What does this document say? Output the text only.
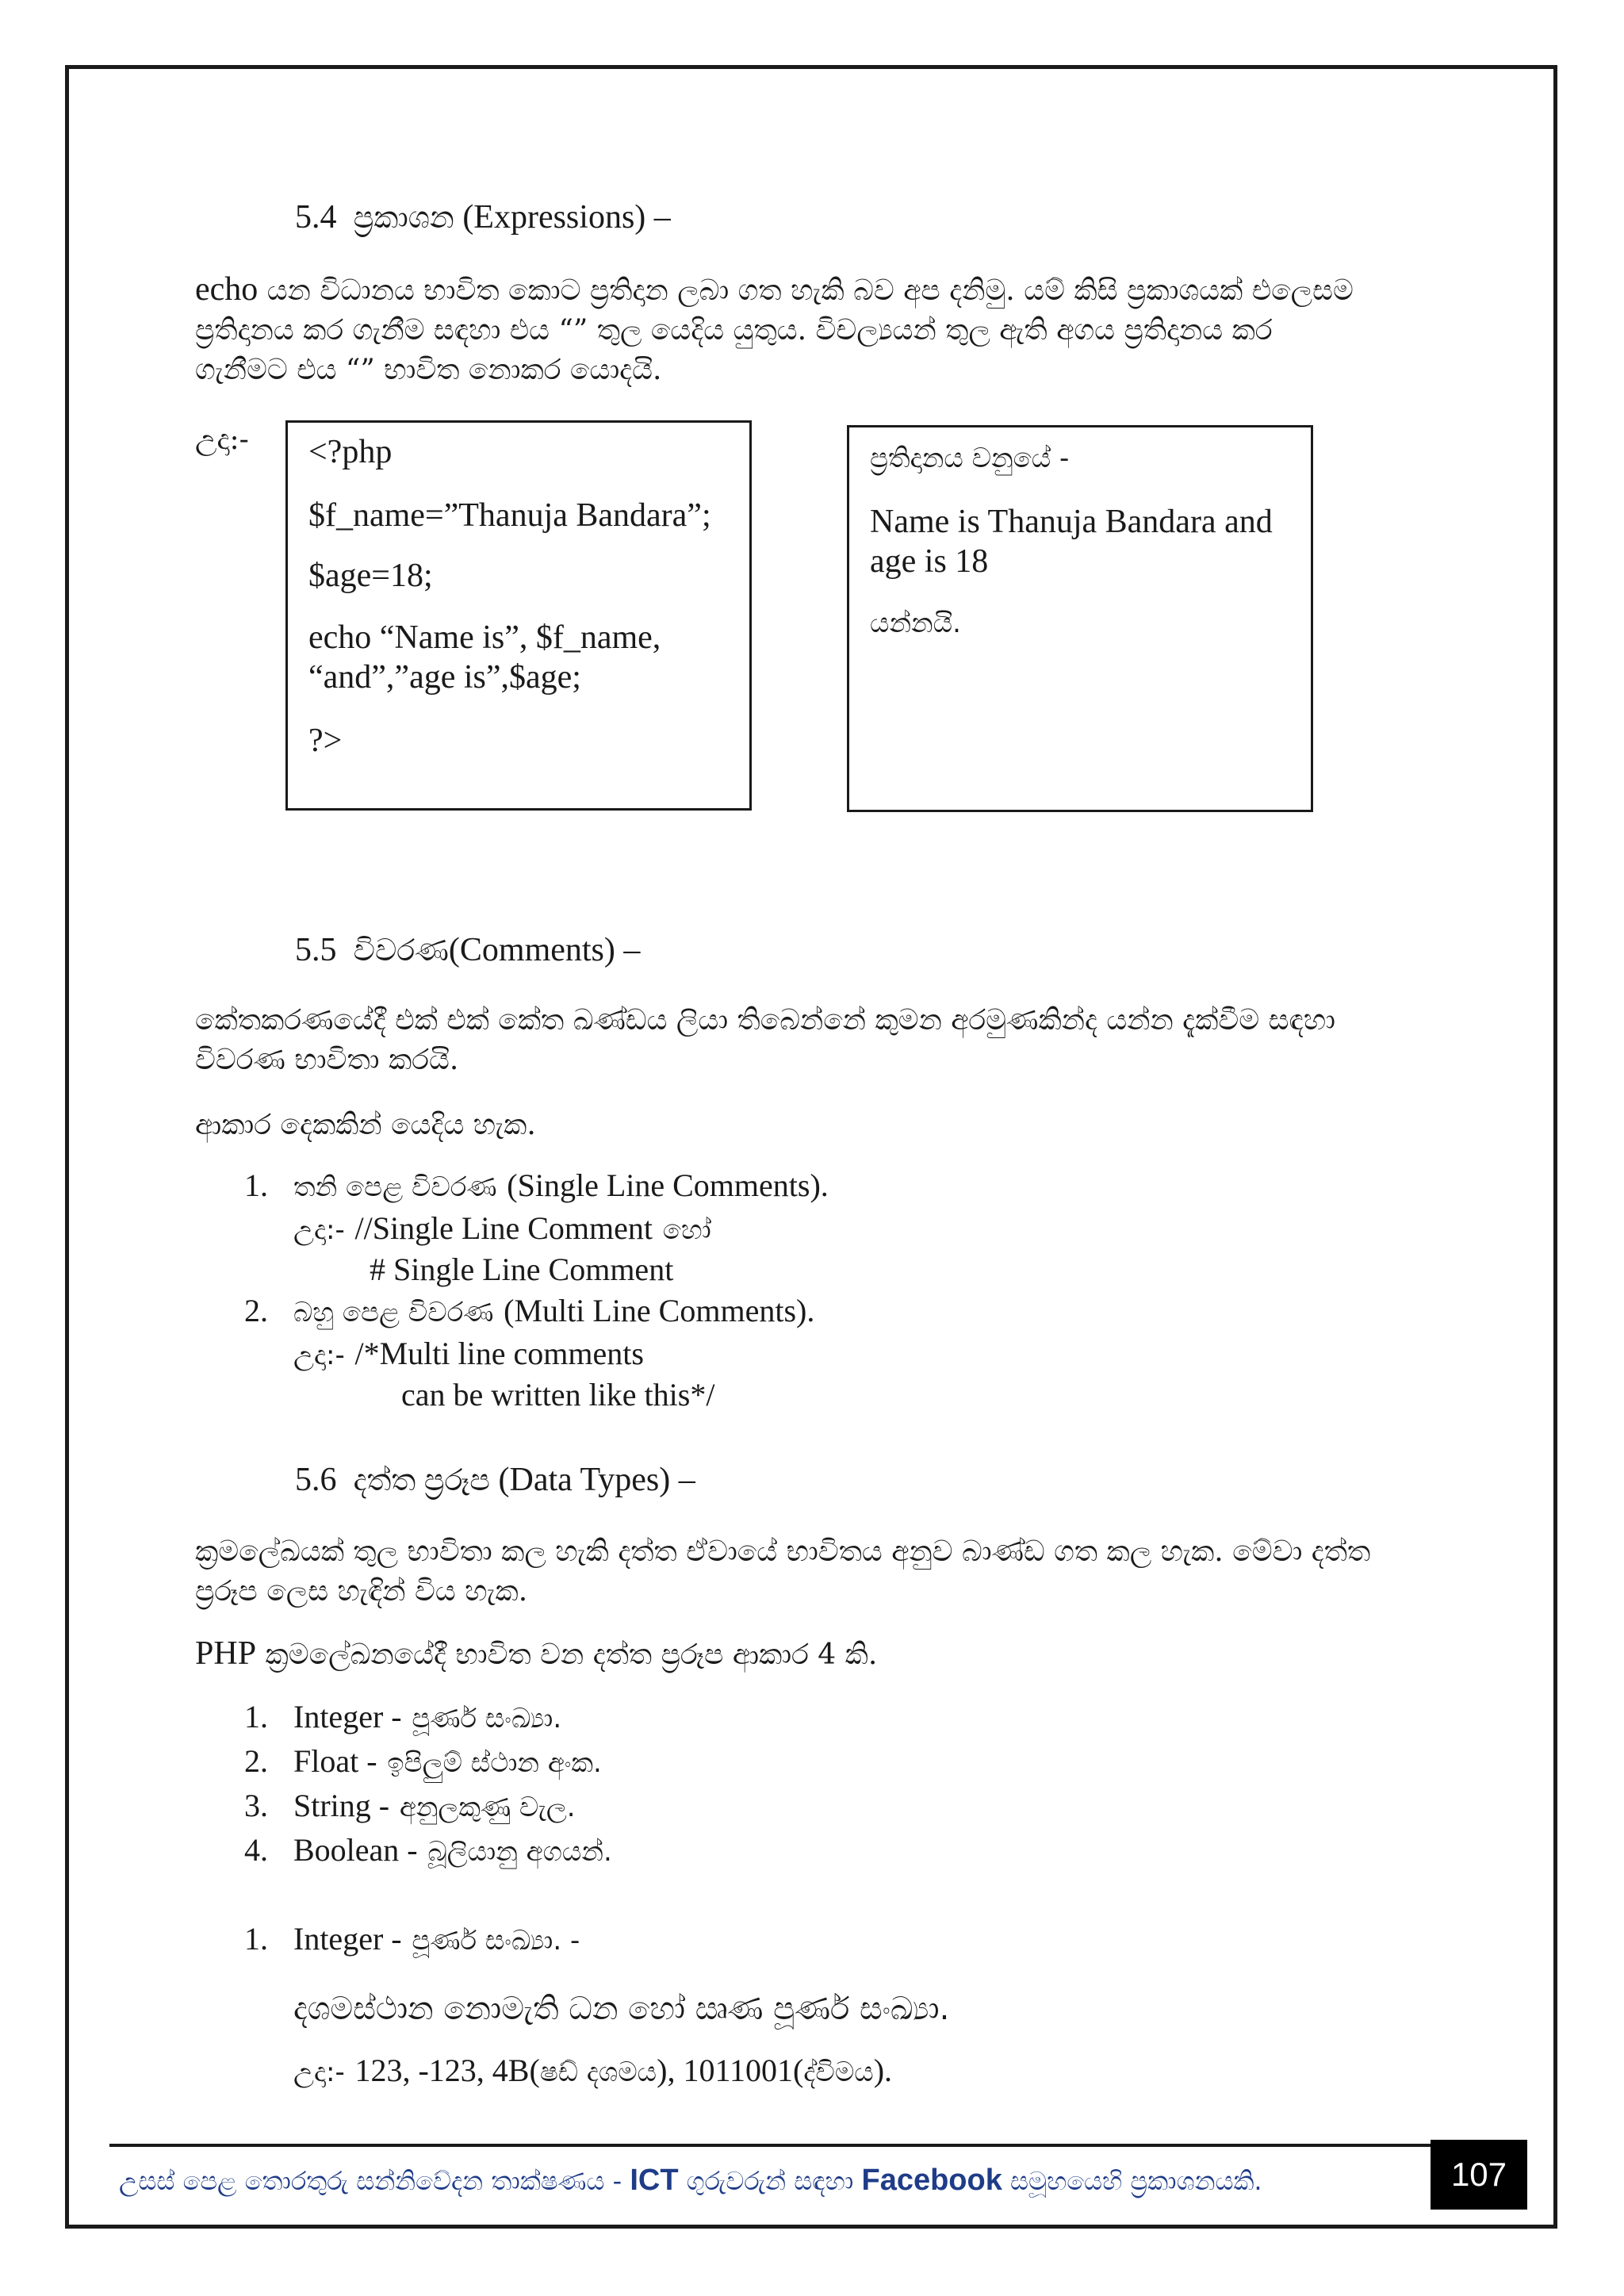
5.4 ප්‍රකාශන (Expressions) –
echo යන විධානය භාවිත කොට ප්‍රතිදාන ලබා ගත හැකි බව අප දනිමු. යම් කිසි ප්‍රකාශයක් එලෙසම
ප්‍රතිදානය කර ගැනීම සඳහා එය “” තුල යෙදිය යුතුය. විචල්‍යයන් තුල ඇති අගය ප්‍රතිදානය කර
ගැනීමට එය “” භාවිත නොකර යොදයි.
උදා:- <?php
$f_name=”Thanuja Bandara”;
$age=18;
echo “Name is”, $f_name,
“and”,”age is”,$age;
?>
ප්‍රතිදානය වනුයේ -
Name is Thanuja Bandara and
age is 18
යන්නයි.
5.5 විවරණ(Comments) –
කේතකරණයේදී එක් එක් කේත ඛණ්ඩය ලියා තිබෙන්නේ කුමන අරමුණකින්ද යන්න දැක්වීම සඳහා
විවරණ භාවිතා කරයි.
ආකාර දෙකකින් යෙදිය හැක.
1. තනි පෙළ විවරණ (Single Line Comments).
උදා:- //Single Line Comment හෝ
# Single Line Comment
2. බහු පෙළ විවරණ (Multi Line Comments).
උදා:- /*Multi line comments
can be written like this*/
5.6 දත්ත ප්‍රරූප (Data Types) –
ක්‍රමලේඛයක් තුල භාවිතා කල හැකි දත්ත ඒවායේ භාවිතය අනුව බාණ්ඩ ගත කල හැක. මේවා දත්ත
ප්‍රරූප ලෙස හැඳින් විය හැක.
PHP ක්‍රමලේඛනයේදී භාවිත වන දත්ත ප්‍රරූප ආකාර 4 කි.
1. Integer - පූර්ණ සංඛ්‍යා.
2. Float - ඉපිලුම් ස්ථාන අංක.
3. String - අනුලකුණු වැල.
4. Boolean - බූලියානු අගයන්.
1. Integer - පූර්ණ සංඛ්‍යා. -
දශමස්ථාන නොමැති ධන හෝ ඍණ පූර්ණ සංඛ්‍යා.
උදා:- 123, -123, 4B(ෂඩ් දශමය), 1011001(ද්විමය).
උසස් පෙළ තොරතුරු සන්නිවේදන තාක්ෂණය - ICT ගුරුවරුන් සඳහා Facebook සමූහයෙහි ප්‍රකාශනයකි.	107
